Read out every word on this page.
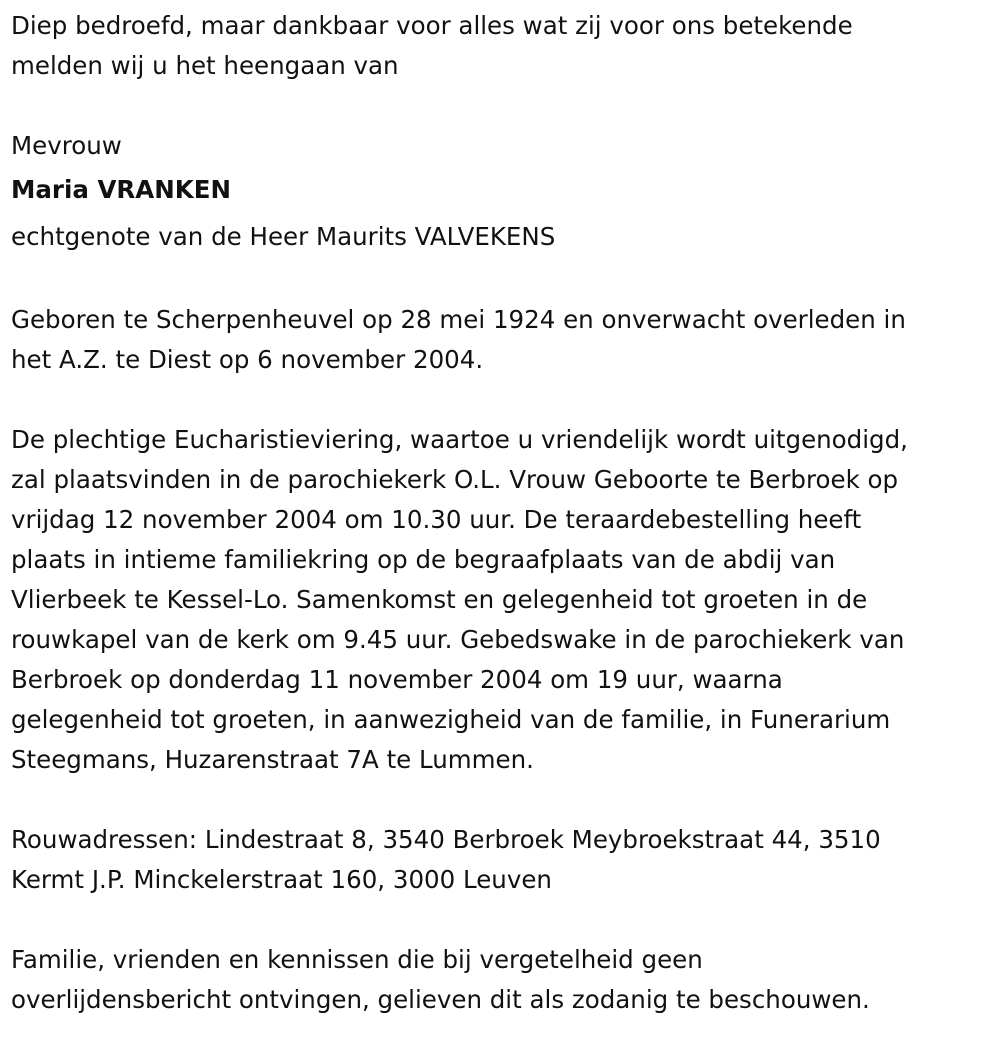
Diep bedroefd, maar dankbaar voor alles wat zij voor ons betekende
melden wij u het heengaan van

Mevrouw

Maria VRANKEN

echtgenote van de Heer Maurits VALVEKENS

Geboren te Scherpenheuvel op 28 mei 1924 en onverwacht overleden in
het A.Z. te Diest op 6 november 2004.

De plechtige Eucharistieviering, waartoe u vriendelijk wordt uitgenodigd,
zal plaatsvinden in de parochiekerk O.L. Vrouw Geboorte te Berbroek op
vrijdag 12 november 2004 om 10.30 uur. De teraardebestelling heeft
plaats in intieme familiekring op de begraafplaats van de abdij van
Vlierbeek te Kessel-Lo. Samenkomst en gelegenheid tot groeten in de
rouwkapel van de kerk om 9.45 uur. Gebedswake in de parochiekerk van
Berbroek op donderdag 11 november 2004 om 19 uur, waarna
gelegenheid tot groeten, in aanwezigheid van de familie, in Funerarium
Steegmans, Huzarenstraat 7A te Lummen.

Rouwadressen: Lindestraat 8, 3540 Berbroek Meybroekstraat 44, 3510
Kermt J.P. Minckelerstraat 160, 3000 Leuven

Familie, vrienden en kennissen die bij vergetelheid geen
overlijdensbericht ontvingen, gelieven dit als zodanig te beschouwen.
